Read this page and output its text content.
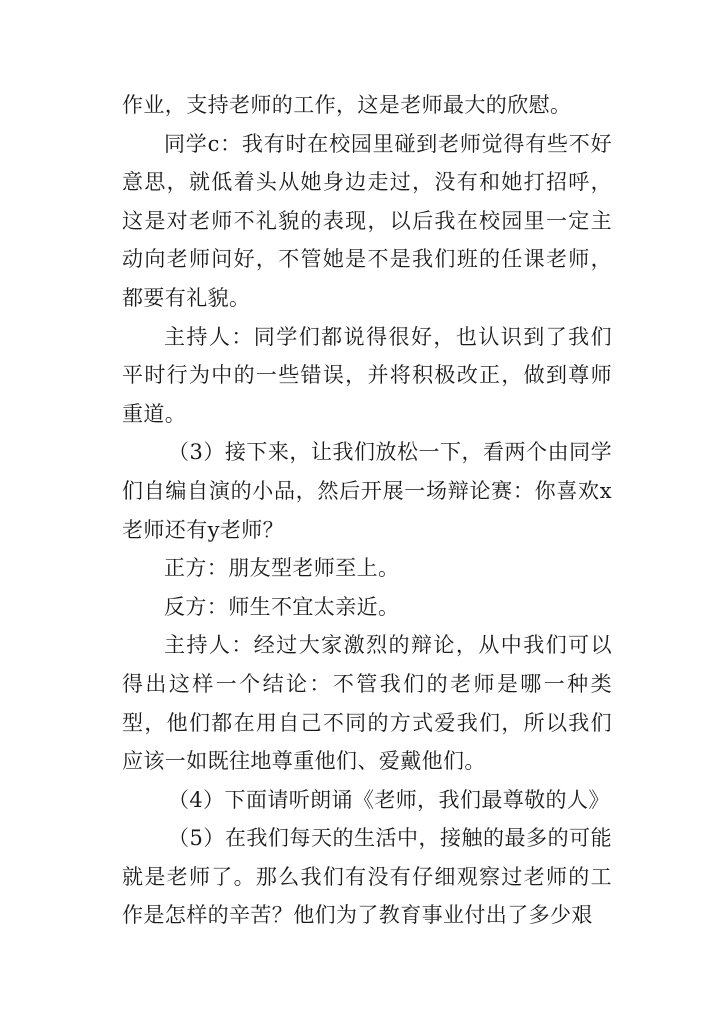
作业，支持老师的工作，这是老师最大的欣慰。

同学c：我有时在校园里碰到老师觉得有些不好意思，就低着头从她身边走过，没有和她打招呼，这是对老师不礼貌的表现，以后我在校园里一定主动向老师问好，不管她是不是我们班的任课老师，都要有礼貌。

主持人：同学们都说得很好，也认识到了我们平时行为中的一些错误，并将积极改正，做到尊师重道。

（3）接下来，让我们放松一下，看两个由同学们自编自演的小品，然后开展一场辩论赛：你喜欢x老师还有y老师？

正方：朋友型老师至上。

反方：师生不宜太亲近。

主持人：经过大家激烈的辩论，从中我们可以得出这样一个结论：不管我们的老师是哪一种类型，他们都在用自己不同的方式爱我们，所以我们应该一如既往地尊重他们、爱戴他们。

（4）下面请听朗诵《老师，我们最尊敬的人》

（5）在我们每天的生活中，接触的最多的可能就是老师了。那么我们有没有仔细观察过老师的工作是怎样的辛苦？他们为了教育事业付出了多少艰
